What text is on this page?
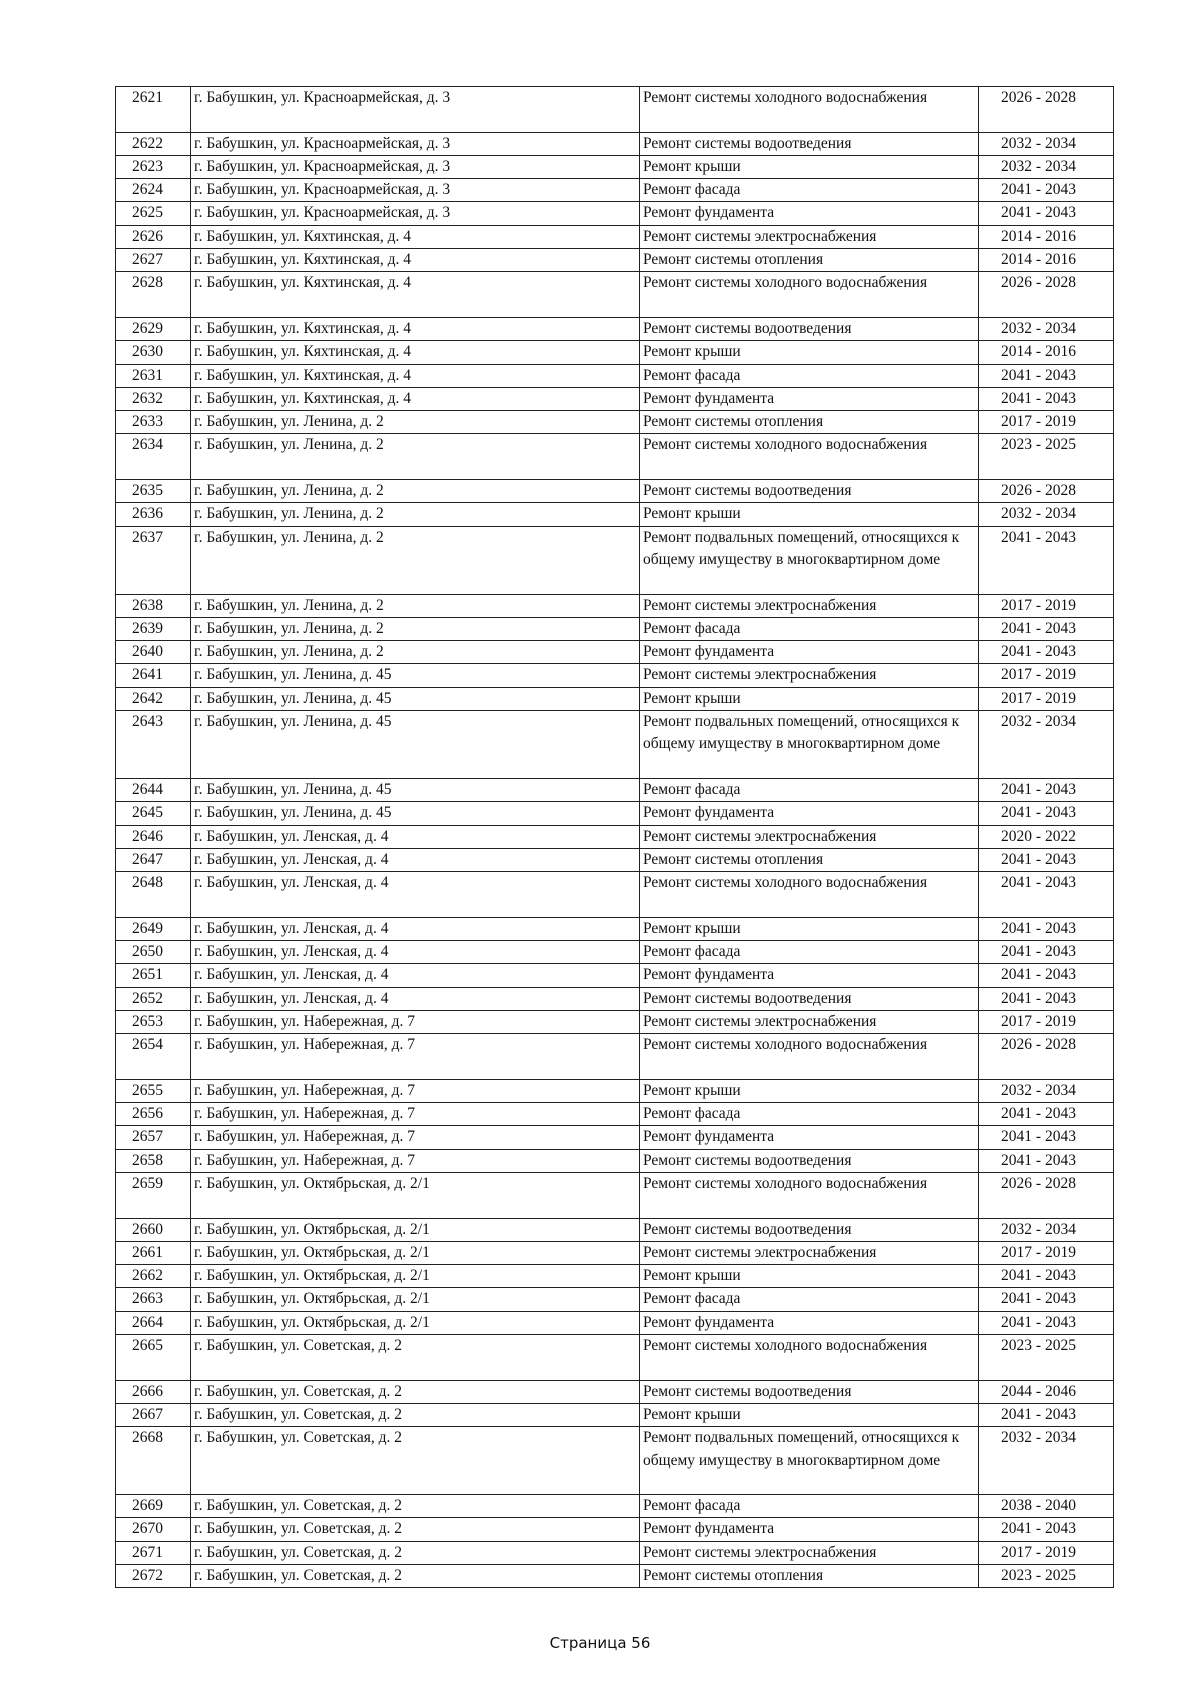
2621	г. Бабушкин, ул. Красноармейская, д. 3	Ремонт системы холодного водоснабжения	2026 - 2028
2622	г. Бабушкин, ул. Красноармейская, д. 3	Ремонт системы водоотведения	2032 - 2034
2623	г. Бабушкин, ул. Красноармейская, д. 3	Ремонт крыши	2032 - 2034
2624	г. Бабушкин, ул. Красноармейская, д. 3	Ремонт фасада	2041 - 2043
2625	г. Бабушкин, ул. Красноармейская, д. 3	Ремонт фундамента	2041 - 2043
2626	г. Бабушкин, ул. Кяхтинская, д. 4	Ремонт системы электроснабжения	2014 - 2016
2627	г. Бабушкин, ул. Кяхтинская, д. 4	Ремонт системы отопления	2014 - 2016
2628	г. Бабушкин, ул. Кяхтинская, д. 4	Ремонт системы холодного водоснабжения	2026 - 2028
2629	г. Бабушкин, ул. Кяхтинская, д. 4	Ремонт системы водоотведения	2032 - 2034
2630	г. Бабушкин, ул. Кяхтинская, д. 4	Ремонт крыши	2014 - 2016
2631	г. Бабушкин, ул. Кяхтинская, д. 4	Ремонт фасада	2041 - 2043
2632	г. Бабушкин, ул. Кяхтинская, д. 4	Ремонт фундамента	2041 - 2043
2633	г. Бабушкин, ул. Ленина, д. 2	Ремонт системы отопления	2017 - 2019
2634	г. Бабушкин, ул. Ленина, д. 2	Ремонт системы холодного водоснабжения	2023 - 2025
2635	г. Бабушкин, ул. Ленина, д. 2	Ремонт системы водоотведения	2026 - 2028
2636	г. Бабушкин, ул. Ленина, д. 2	Ремонт крыши	2032 - 2034
2637	г. Бабушкин, ул. Ленина, д. 2	Ремонт подвальных помещений, относящихся к общему имуществу в многоквартирном доме	2041 - 2043
2638	г. Бабушкин, ул. Ленина, д. 2	Ремонт системы электроснабжения	2017 - 2019
2639	г. Бабушкин, ул. Ленина, д. 2	Ремонт фасада	2041 - 2043
2640	г. Бабушкин, ул. Ленина, д. 2	Ремонт фундамента	2041 - 2043
2641	г. Бабушкин, ул. Ленина, д. 45	Ремонт системы электроснабжения	2017 - 2019
2642	г. Бабушкин, ул. Ленина, д. 45	Ремонт крыши	2017 - 2019
2643	г. Бабушкин, ул. Ленина, д. 45	Ремонт подвальных помещений, относящихся к общему имуществу в многоквартирном доме	2032 - 2034
2644	г. Бабушкин, ул. Ленина, д. 45	Ремонт фасада	2041 - 2043
2645	г. Бабушкин, ул. Ленина, д. 45	Ремонт фундамента	2041 - 2043
2646	г. Бабушкин, ул. Ленская, д. 4	Ремонт системы электроснабжения	2020 - 2022
2647	г. Бабушкин, ул. Ленская, д. 4	Ремонт системы отопления	2041 - 2043
2648	г. Бабушкин, ул. Ленская, д. 4	Ремонт системы холодного водоснабжения	2041 - 2043
2649	г. Бабушкин, ул. Ленская, д. 4	Ремонт крыши	2041 - 2043
2650	г. Бабушкин, ул. Ленская, д. 4	Ремонт фасада	2041 - 2043
2651	г. Бабушкин, ул. Ленская, д. 4	Ремонт фундамента	2041 - 2043
2652	г. Бабушкин, ул. Ленская, д. 4	Ремонт системы водоотведения	2041 - 2043
2653	г. Бабушкин, ул. Набережная, д. 7	Ремонт системы электроснабжения	2017 - 2019
2654	г. Бабушкин, ул. Набережная, д. 7	Ремонт системы холодного водоснабжения	2026 - 2028
2655	г. Бабушкин, ул. Набережная, д. 7	Ремонт крыши	2032 - 2034
2656	г. Бабушкин, ул. Набережная, д. 7	Ремонт фасада	2041 - 2043
2657	г. Бабушкин, ул. Набережная, д. 7	Ремонт фундамента	2041 - 2043
2658	г. Бабушкин, ул. Набережная, д. 7	Ремонт системы водоотведения	2041 - 2043
2659	г. Бабушкин, ул. Октябрьская, д. 2/1	Ремонт системы холодного водоснабжения	2026 - 2028
2660	г. Бабушкин, ул. Октябрьская, д. 2/1	Ремонт системы водоотведения	2032 - 2034
2661	г. Бабушкин, ул. Октябрьская, д. 2/1	Ремонт системы электроснабжения	2017 - 2019
2662	г. Бабушкин, ул. Октябрьская, д. 2/1	Ремонт крыши	2041 - 2043
2663	г. Бабушкин, ул. Октябрьская, д. 2/1	Ремонт фасада	2041 - 2043
2664	г. Бабушкин, ул. Октябрьская, д. 2/1	Ремонт фундамента	2041 - 2043
2665	г. Бабушкин, ул. Советская, д. 2	Ремонт системы холодного водоснабжения	2023 - 2025
2666	г. Бабушкин, ул. Советская, д. 2	Ремонт системы водоотведения	2044 - 2046
2667	г. Бабушкин, ул. Советская, д. 2	Ремонт крыши	2041 - 2043
2668	г. Бабушкин, ул. Советская, д. 2	Ремонт подвальных помещений, относящихся к общему имуществу в многоквартирном доме	2032 - 2034
2669	г. Бабушкин, ул. Советская, д. 2	Ремонт фасада	2038 - 2040
2670	г. Бабушкин, ул. Советская, д. 2	Ремонт фундамента	2041 - 2043
2671	г. Бабушкин, ул. Советская, д. 2	Ремонт системы электроснабжения	2017 - 2019
2672	г. Бабушкин, ул. Советская, д. 2	Ремонт системы отопления	2023 - 2025
Страница 56
